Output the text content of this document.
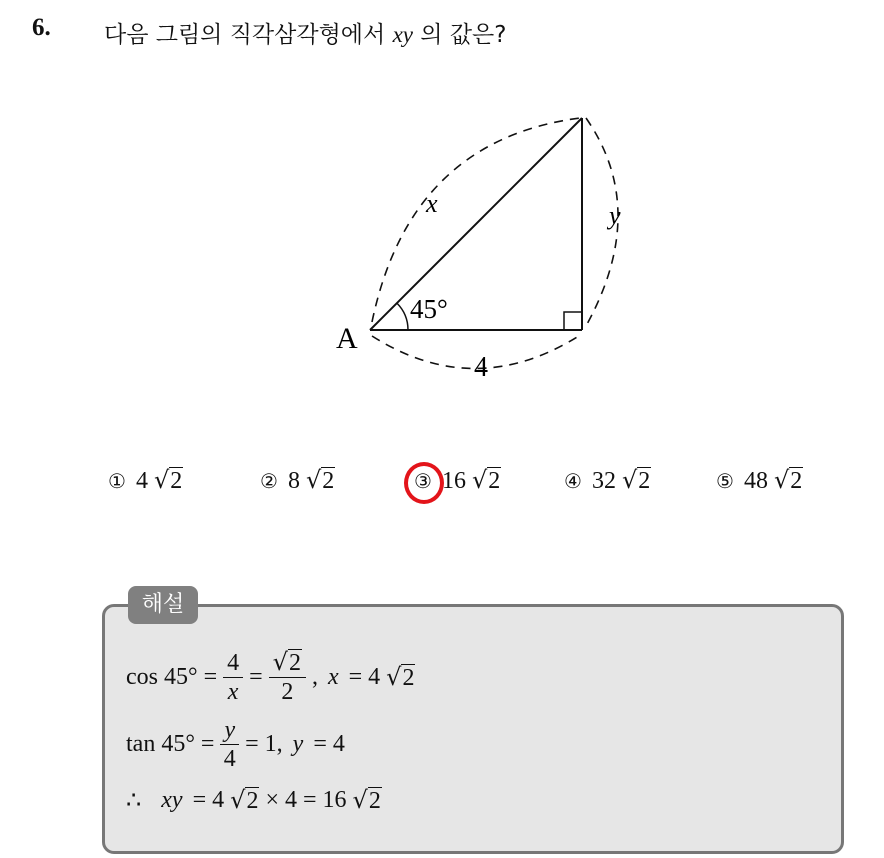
6. 다음 그림의 직각삼각형에서 xy 의 값은?
A
45°
x	y
4
① 4 √2	② 8 √2	③ 16 √2	④ 32 √2	⑤ 48 √2
해설
$\cos 45^\circ = \frac{4}{x} = \frac{√2}{2}$ , x = 4
√2
$\tan 45^\circ = \frac{y}{4} = 1$, y = 4
∴ xy = 4
√2
× 4 = 16
√2
